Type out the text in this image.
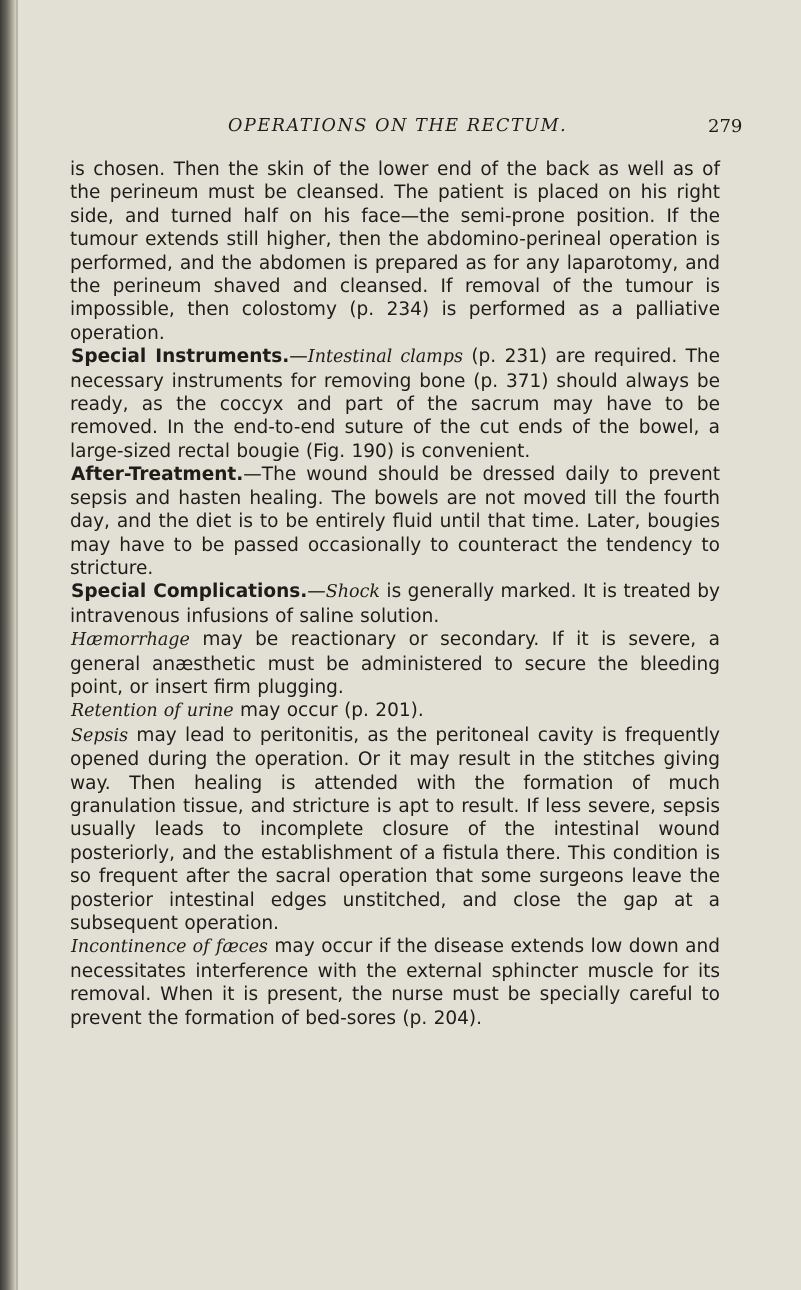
OPERATIONS ON THE RECTUM.	279

is chosen. Then the skin of the lower end of the back as well as of the perineum must be cleansed. The patient is placed on his right side, and turned half on his face—the semi-prone position. If the tumour extends still higher, then the abdomino-perineal operation is performed, and the abdomen is prepared as for any laparotomy, and the perineum shaved and cleansed. If removal of the tumour is impossible, then colostomy (p. 234) is performed as a palliative operation.

Special Instruments.—Intestinal clamps (p. 231) are required. The necessary instruments for removing bone (p. 371) should always be ready, as the coccyx and part of the sacrum may have to be removed. In the end-to-end suture of the cut ends of the bowel, a large-sized rectal bougie (Fig. 190) is convenient.

After-Treatment.—The wound should be dressed daily to prevent sepsis and hasten healing. The bowels are not moved till the fourth day, and the diet is to be entirely fluid until that time. Later, bougies may have to be passed occasionally to counteract the tendency to stricture.

Special Complications.—Shock is generally marked. It is treated by intravenous infusions of saline solution.

Hæmorrhage may be reactionary or secondary. If it is severe, a general anæsthetic must be administered to secure the bleeding point, or insert firm plugging.

Retention of urine may occur (p. 201).

Sepsis may lead to peritonitis, as the peritoneal cavity is frequently opened during the operation. Or it may result in the stitches giving way. Then healing is attended with the formation of much granulation tissue, and stricture is apt to result. If less severe, sepsis usually leads to incomplete closure of the intestinal wound posteriorly, and the establishment of a fistula there. This condition is so frequent after the sacral operation that some surgeons leave the posterior intestinal edges unstitched, and close the gap at a subsequent operation.

Incontinence of fæces may occur if the disease extends low down and necessitates interference with the external sphincter muscle for its removal. When it is present, the nurse must be specially careful to prevent the formation of bed-sores (p. 204).
